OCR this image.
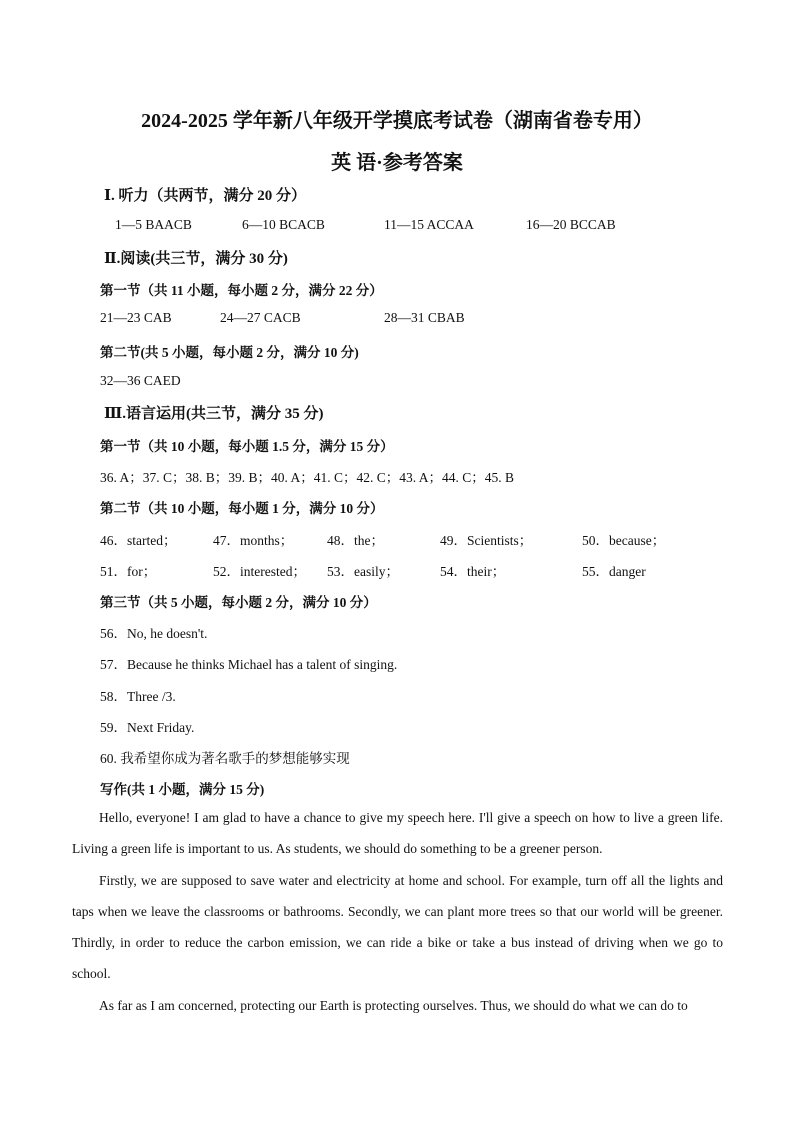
2024-2025 学年新八年级开学摸底考试卷（湖南省卷专用）
英 语·参考答案
Ⅰ. 听力（共两节，满分 20 分）
1—5 BAACB	6—10 BCACB	11—15 ACCAA	16—20 BCCAB
Ⅱ.阅读(共三节，满分 30 分)
第一节（共 11 小题，每小题 2 分，满分 22 分）
21—23 CAB	24—27 CACB	28—31 CBAB
第二节(共 5 小题，每小题 2 分，满分 10 分)
32—36 CAED
Ⅲ.语言运用(共三节，满分 35 分)
第一节（共 10 小题，每小题 1.5 分，满分 15 分）
36. A；37. C；38. B；39. B；40. A；41. C；42. C；43. A；44. C；45. B
第二节（共 10 小题，每小题 1 分，满分 10 分）
46．started；	47．months； 48．the；	49．Scientists；	50．because；
51．for；	52．interested； 53．easily；	54．their；	55．danger
第三节（共 5 小题，每小题 2 分，满分 10 分）
56．No, he doesn't.
57．Because he thinks Michael has a talent of singing.
58．Three /3.
59．Next Friday.
60. 我希望你成为著名歌手的梦想能够实现
写作(共 1 小题，满分 15 分)
Hello, everyone! I am glad to have a chance to give my speech here. I'll give a speech on how to live a green life. Living a green life is important to us. As students, we should do something to be a greener person.
Firstly, we are supposed to save water and electricity at home and school. For example, turn off all the lights and taps when we leave the classrooms or bathrooms. Secondly, we can plant more trees so that our world will be greener. Thirdly, in order to reduce the carbon emission, we can ride a bike or take a bus instead of driving when we go to school.
As far as I am concerned, protecting our Earth is protecting ourselves. Thus, we should do what we can do to
